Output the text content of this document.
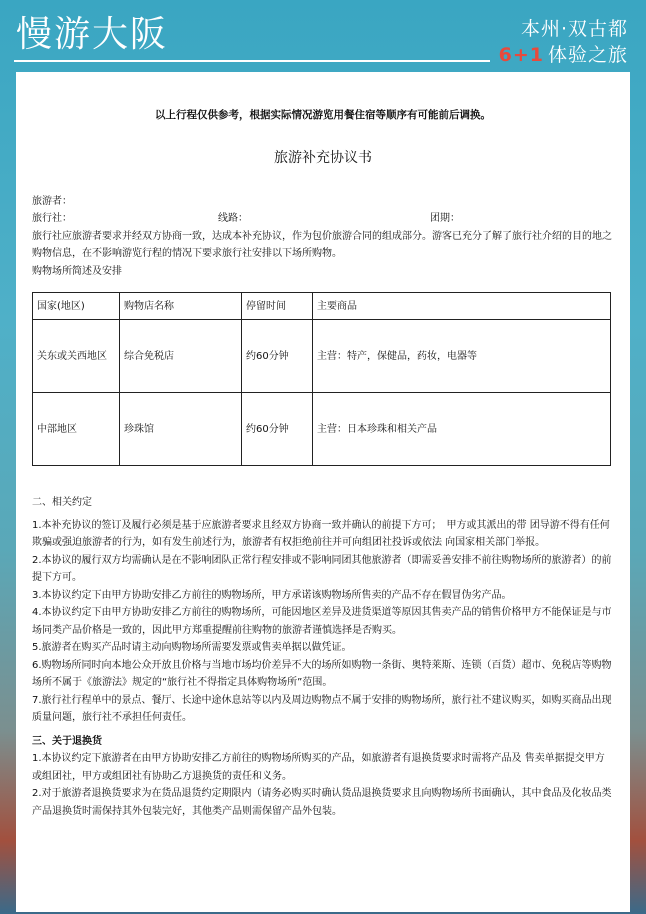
慢游大阪	本州·双古都
6+1 体验之旅
以上行程仅供参考，根据实际情况游览用餐住宿等顺序有可能前后调换。
旅游补充协议书
旅游者：
旅行社：	线路：	团期：

旅行社应旅游者要求并经双方协商一致，达成本补充协议，作为包价旅游合同的组成部分。游客已充分了解了旅行社介绍的目的地之购物信息，在不影响游览行程的情况下要求旅行社安排以下场所购物。

购物场所简述及安排

国家(地区)	购物店名称	停留时间	主要商品
关东或关西地区	综合免税店	约60分钟	主营：特产，保健品，药妆，电器等
中部地区	珍珠馆	约60分钟	主营：日本珍珠和相关产品

二、相关约定

1.本补充协议的签订及履行必须是基于应旅游者要求且经双方协商一致并确认的前提下方可；　甲方或其派出的带 团导游不得有任何欺骗或强迫旅游者的行为，如有发生前述行为，旅游者有权拒绝前往并可向组团社投诉或依法 向国家相关部门举报。

2.本协议的履行双方均需确认是在不影响团队正常行程安排或不影响同团其他旅游者（即需妥善安排不前往购物场所的旅游者）的前提下方可。

3.本协议约定下由甲方协助安排乙方前往的购物场所，甲方承诺该购物场所售卖的产品不存在假冒伪劣产品。

4.本协议约定下由甲方协助安排乙方前往的购物场所，可能因地区差异及进货渠道等原因其售卖产品的销售价格甲方不能保证是与市场同类产品价格是一致的，因此甲方郑重提醒前往购物的旅游者谨慎选择是否购买。

5.旅游者在购买产品时请主动向购物场所需要发票或售卖单据以做凭证。

6.购物场所同时向本地公众开放且价格与当地市场均价差异不大的场所如购物一条街、奥特莱斯、连锁（百货）超市、免税店等购物场所不属于《旅游法》规定的“旅行社不得指定具体购物场所”范围。

7.旅行社行程单中的景点、餐厅、长途中途休息站等以内及周边购物点不属于安排的购物场所，旅行社不建议购买，如购买商品出现质量问题，旅行社不承担任何责任。

三、关于退换货

1.本协议约定下旅游者在由甲方协助安排乙方前往的购物场所购买的产品，如旅游者有退换货要求时需将产品及 售卖单据提交甲方或组团社，甲方或组团社有协助乙方退换货的责任和义务。

2.对于旅游者退换货要求为在货品退货约定期限内（请务必购买时确认货品退换货要求且向购物场所书面确认，其中食品及化妆品类产品退换货时需保持其外包装完好，其他类产品则需保留产品外包装。
